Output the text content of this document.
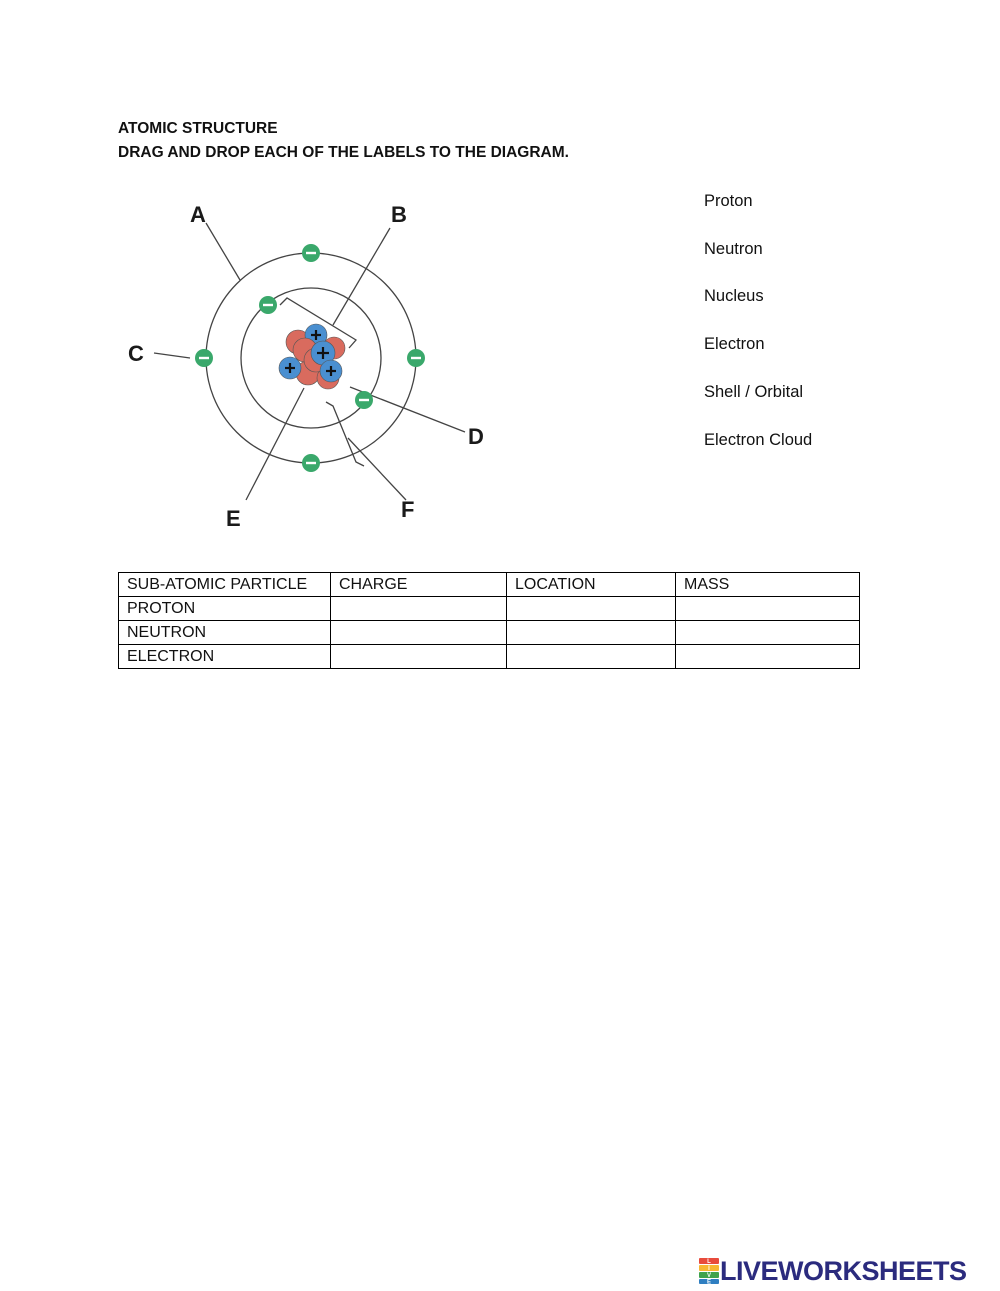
ATOMIC STRUCTURE
DRAG AND DROP EACH OF THE LABELS TO THE DIAGRAM.
A	B
C
D
E	F
Proton
Neutron
Nucleus
Electron
Shell / Orbital
Electron Cloud
SUB-ATOMIC PARTICLE	CHARGE	LOCATION	MASS
PROTON			
NEUTRON			
ELECTRON			
L
I
V
E LIVEWORKSHEETS
